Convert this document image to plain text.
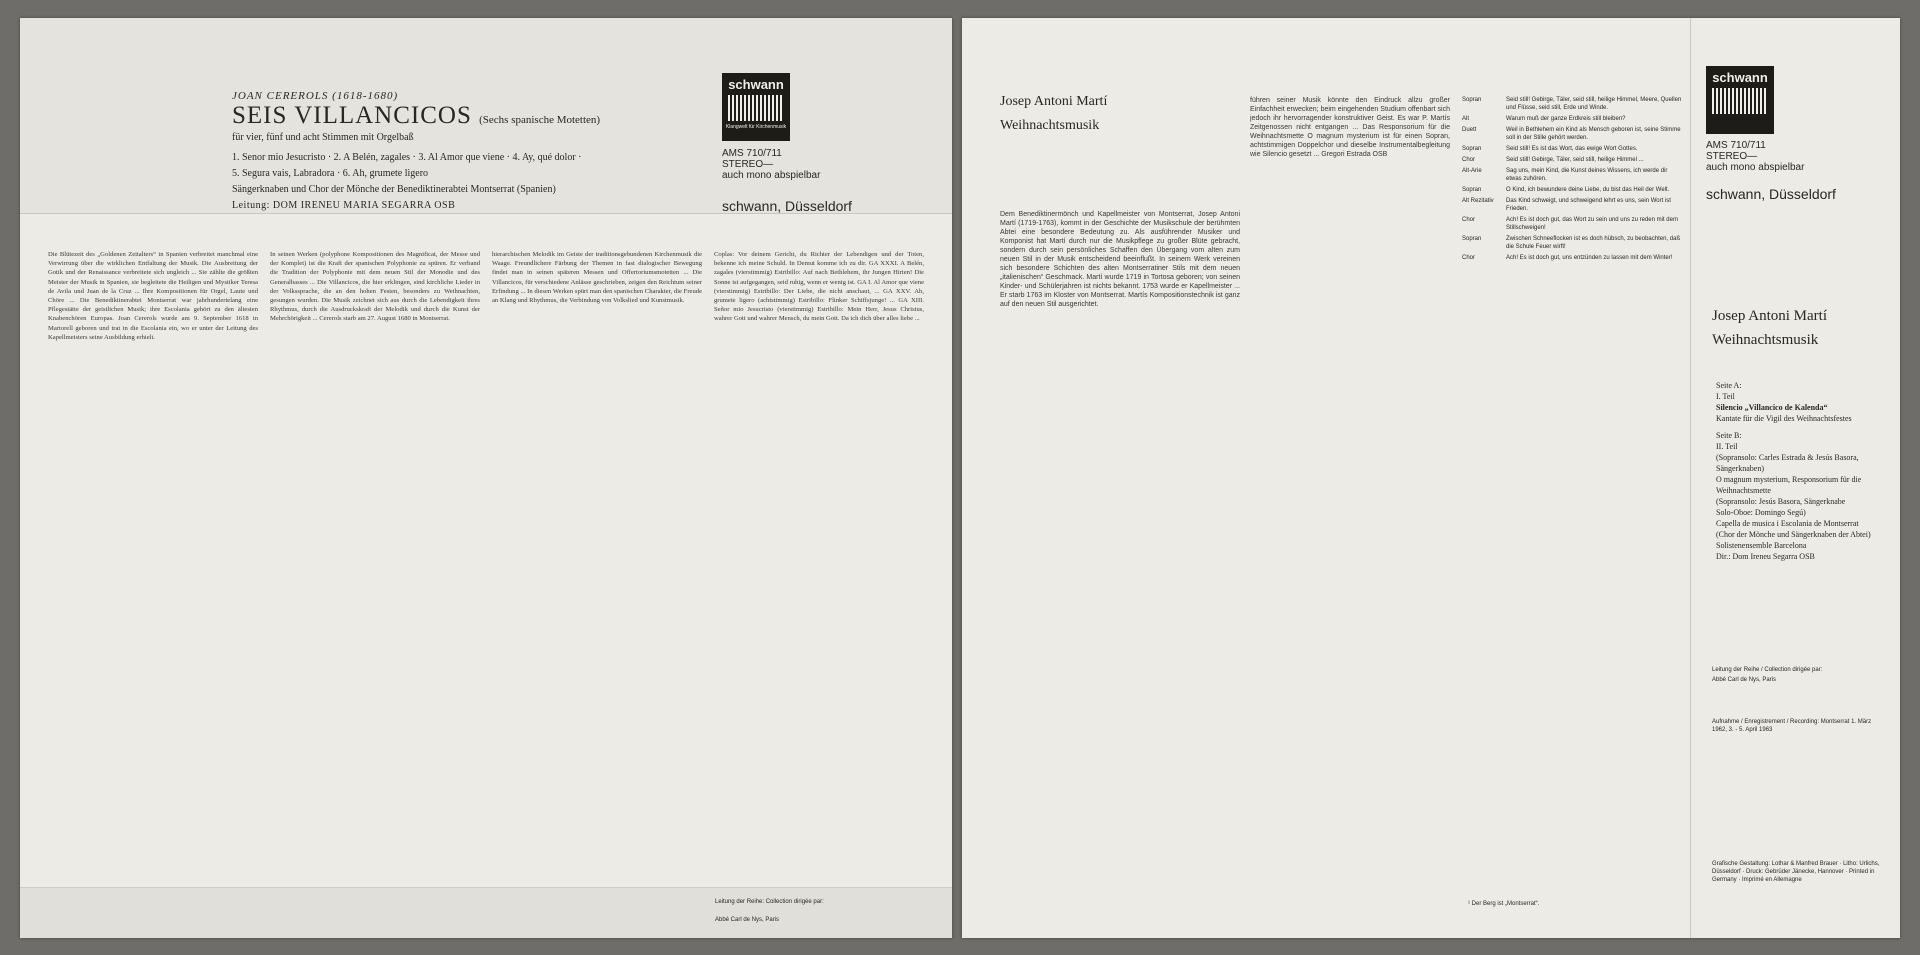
JOAN CEREROLS (1618-1680)
SEIS VILLANCICOS (Sechs spanische Motetten)
für vier, fünf und acht Stimmen mit Orgelbaß
1. Senor mio Jesucristo · 2. A Belén, zagales · 3. Al Amor que viene · 4. Ay, qué dolor ·
5. Segura vais, Labradora · 6. Ah, grumete ligero
Sängerknaben und Chor der Mönche der Benediktinerabtei Montserrat (Spanien)
Leitung: DOM IRENEU MARIA SEGARRA OSB
schwann
Klangwelt für Kirchenmusik
AMS 710/711
STEREO—
auch mono abspielbar
schwann, Düsseldorf
Die Blütezeit des „Goldenen Zeitalters“ in Spanien verbreitet manchmal eine Verwirrung über die wirklichen Entfaltung der Musik. Die Ausbreitung der Gotik und der Renaissance verbreitete sich ungleich ... Sie zählte die größten Meister der Musik in Spanien, sie begleitete die Heiligen und Mystiker Teresa de Avila und Juan de la Cruz ... Ihre Kompositionen für Orgel, Laute und Chöre ... Die Benediktinerabtei Montserrat war jahrhundertelang eine Pflegestätte der geistlichen Musik; ihre Escolania gehört zu den ältesten Knabenchören Europas. Joan Cererols wurde am 9. September 1618 in Martorell geboren und trat in die Escolania ein, wo er unter der Leitung des Kapellmeisters seine Ausbildung erhielt.
In seinen Werken (polyphone Kompositionen des Magnificat, der Messe und der Komplet) ist die Kraft der spanischen Polyphonie zu spüren. Er verband die Tradition der Polyphonie mit dem neuen Stil der Monodie und des Generalbasses ... Die Villancicos, die hier erklingen, sind kirchliche Lieder in der Volkssprache, die an den hohen Festen, besonders zu Weihnachten, gesungen wurden. Die Musik zeichnet sich aus durch die Lebendigkeit ihres Rhythmus, durch die Ausdruckskraft der Melodik und durch die Kunst der Mehrchörigkeit ... Cererols starb am 27. August 1680 in Montserrat.
hierarchischen Melodik im Geiste der traditionsgebundenen Kirchenmusik die Waage. Freundlichere Färbung der Themen in fast dialogischer Bewegung findet man in seinen späteren Messen und Offertoriumsmotetten ... Die Villancicos, für verschiedene Anlässe geschrieben, zeigen den Reichtum seiner Erfindung ... In diesen Werken spürt man den spanischen Charakter, die Freude an Klang und Rhythmus, die Verbindung von Volkslied und Kunstmusik.
Coplas: Vor deinem Gericht, du Richter der Lebendigen und der Toten, bekenne ich meine Schuld. In Demut komme ich zu dir. GA XXXI. A Belén, zagales (vierstimmig) Estribillo: Auf nach Bethlehem, ihr Jungen Hirten! Die Sonne ist aufgegangen, seid ruhig, wenn er wenig ist. GA I. Al Amor que viene (vierstimmig) Estribillo: Der Liebe, die nicht anschaut, ... GA XXV. Ah, grumete ligero (achtstimmig) Estribillo: Flinker Schiffsjunge! ... GA XIII. Señor mio Jesucristo (vierstimmig) Estribillo: Mein Herr, Jesus Christus, wahrer Gott und wahrer Mensch, du mein Gott. Da ich dich über alles liebe ...
Leitung der Reihe: Collection dirigée par:
Abbé Carl de Nys, Paris
Josep Antoni Martí
Weihnachtsmusik
Dem Benediktinermönch und Kapellmeister von Montserrat, Josep Antoni Martí (1719-1763), kommt in der Geschichte der Musikschule der berühmten Abtei eine besondere Bedeutung zu. Als ausführender Musiker und Komponist hat Martí durch nur die Musikpflege zu großer Blüte gebracht, sondern durch sein persönliches Schaffen den Übergang vom alten zum neuen Stil in der Musik entscheidend beeinflußt. In seinem Werk vereinen sich besondere Schichten des alten Montserratiner Stils mit dem neuen „italienischen“ Geschmack. Martí wurde 1719 in Tortosa geboren; von seinen Kinder- und Schülerjahren ist nichts bekannt. 1753 wurde er Kapellmeister ... Er starb 1763 im Kloster von Montserrat. Martís Kompositionstechnik ist ganz auf den neuen Stil ausgerichtet.
führen seiner Musik könnte den Eindruck allzu großer Einfachheit erwecken; beim eingehenden Studium offenbart sich jedoch ihr hervorragender konstruktiver Geist. Es war P. Martís Zeitgenossen nicht entgangen ... Das Responsorium für die Weihnachtsmette O magnum mysterium ist für einen Sopran, achtstimmigen Doppelchor und dieselbe Instrumentalbegleitung wie Silencio gesetzt ... Gregori Estrada OSB
Sopran	Seid still! Gebirge, Täler, seid still, heilige Himmel, Meere, Quellen und Flüsse, seid still, Erde und Winde.
Alt	Warum muß der ganze Erdkreis still bleiben?
Duett	Weil in Bethlehem ein Kind als Mensch geboren ist, seine Stimme soll in der Stille gehört werden.
Sopran	Seid still! Es ist das Wort, das ewige Wort Gottes.
Chor	Seid still! Gebirge, Täler, seid still, heilige Himmel ...
Alt-Arie	Sag uns, mein Kind, die Kunst deines Wissens, ich werde dir etwas zuhören.
Sopran	O Kind, ich bewundere deine Liebe, du bist das Heil der Welt.
Alt Rezitativ	Das Kind schweigt, und schweigend lehrt es uns, sein Wort ist Frieden.
Chor	Ach! Es ist doch gut, das Wort zu sein und uns zu reden mit dem Stillschweigen!
Sopran	Zwischen Schneeflocken ist es doch hübsch, zu beobachten, daß die Schule Feuer wirft!
Chor	Ach! Es ist doch gut, uns entzünden zu lassen mit dem Winter!
¹ Der Berg ist „Montserrat“.
schwann
AMS 710/711
STEREO—
auch mono abspielbar
schwann, Düsseldorf
Josep Antoni Martí
Weihnachtsmusik
Leitung der Reihe / Collection dirigée par:
Abbé Carl de Nys, Paris
Aufnahme / Enregistrement / Recording: Montserrat 1. März 1962, 3. - 5. April 1963
Grafische Gestaltung: Lothar & Manfred Brauer · Litho: Urlichs, Düsseldorf · Druck: Gebrüder Jänecke, Hannover · Printed in Germany · Imprimé en Allemagne
Seite A:
I. Teil
Silencio „Villancico de Kalenda“
Kantate für die Vigil des Weihnachtsfestes
Seite B:
II. Teil
(Sopransolo: Carles Estrada & Jesús Basora, Sängerknaben)
O magnum mysterium, Responsorium für die Weihnachtsmette
(Sopransolo: Jesús Basora, Sängerknabe
Solo-Oboe: Domingo Segú)
Capella de musica i Escolania de Montserrat
(Chor der Mönche und Sängerknaben der Abtei)
Solistenensemble Barcelona
Dir.: Dom Ireneu Segarra OSB
